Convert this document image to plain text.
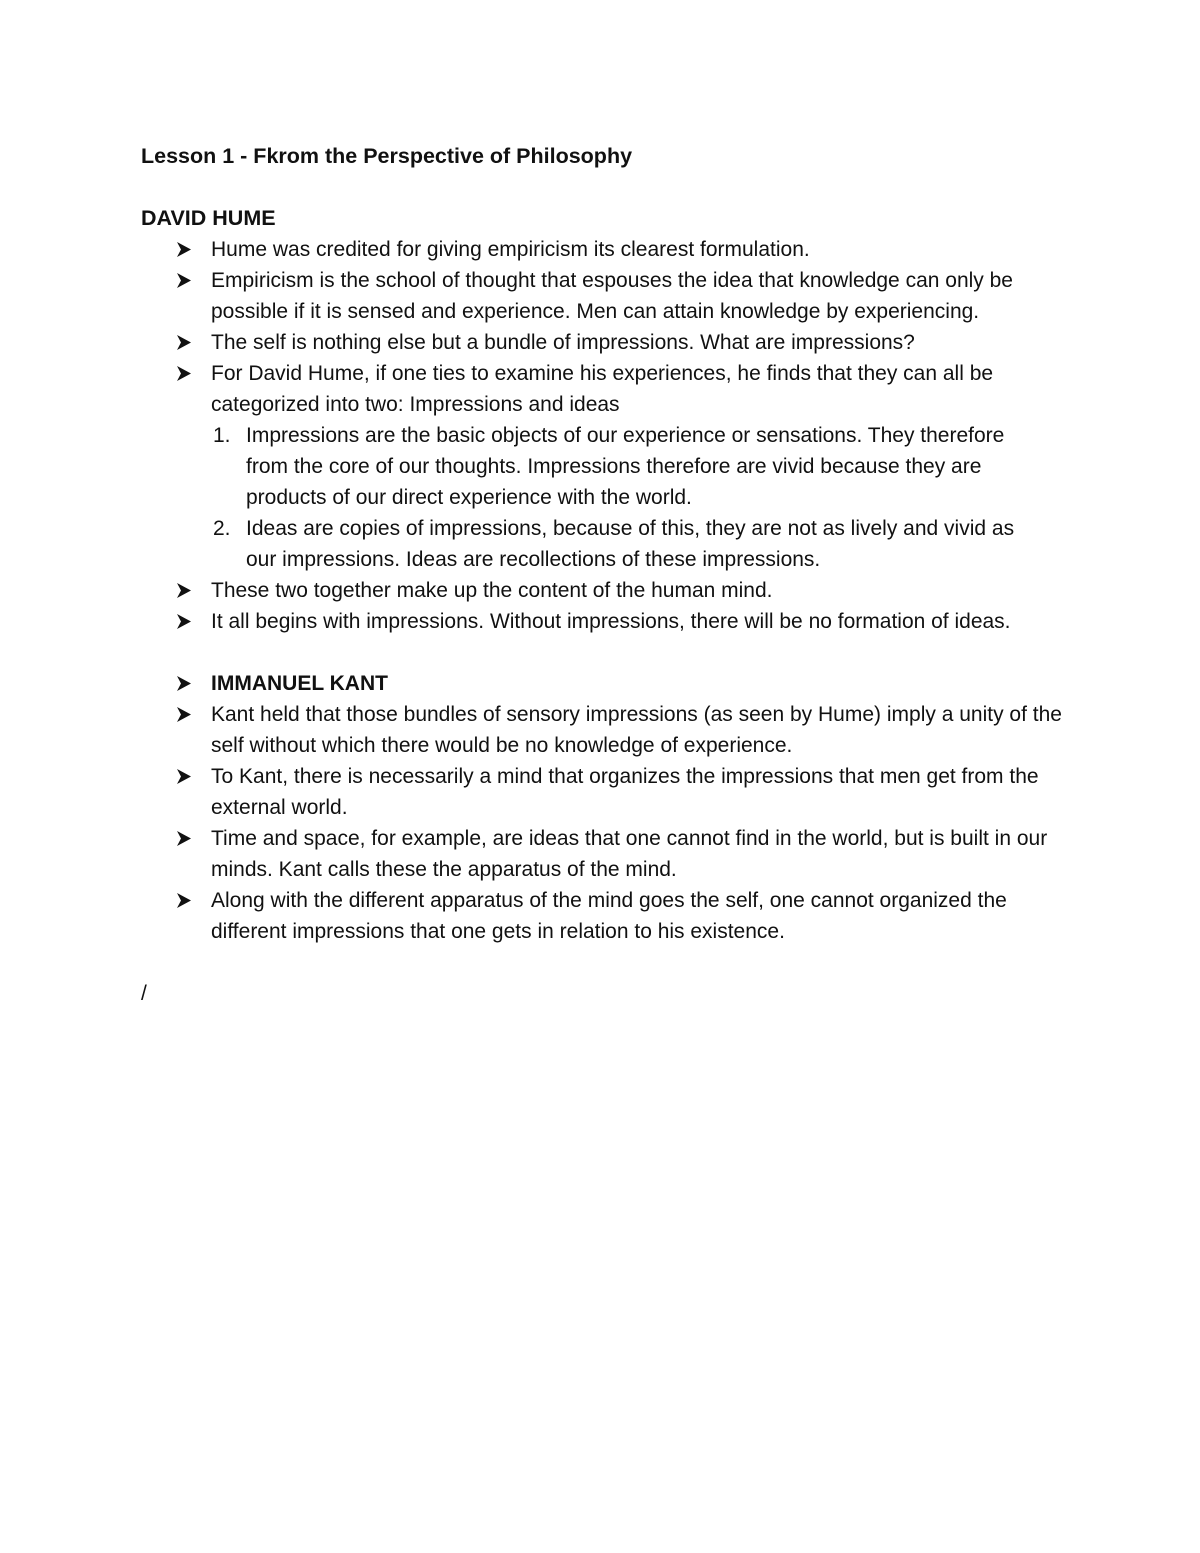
Lesson 1 - Fkrom the Perspective of Philosophy
DAVID HUME
Hume was credited for giving empiricism its clearest formulation.
Empiricism is the school of thought that espouses the idea that knowledge can only be possible if it is sensed and experience. Men can attain knowledge by experiencing.
The self is nothing else but a bundle of impressions. What are impressions?
For David Hume, if one ties to examine his experiences, he finds that they can all be categorized into two: Impressions and ideas
1. Impressions are the basic objects of our experience or sensations. They therefore from the core of our thoughts. Impressions therefore are vivid because they are products of our direct experience with the world.
2. Ideas are copies of impressions, because of this, they are not as lively and vivid as our impressions. Ideas are recollections of these impressions.
These two together make up the content of the human mind.
It all begins with impressions. Without impressions, there will be no formation of ideas.
IMMANUEL KANT
Kant held that those bundles of sensory impressions (as seen by Hume) imply a unity of the self without which there would be no knowledge of experience.
To Kant, there is necessarily a mind that organizes the impressions that men get from the external world.
Time and space, for example, are ideas that one cannot find in the world, but is built in our minds. Kant calls these the apparatus of the mind.
Along with the different apparatus of the mind goes the self, one cannot organized the different impressions that one gets in relation to his existence.
/
